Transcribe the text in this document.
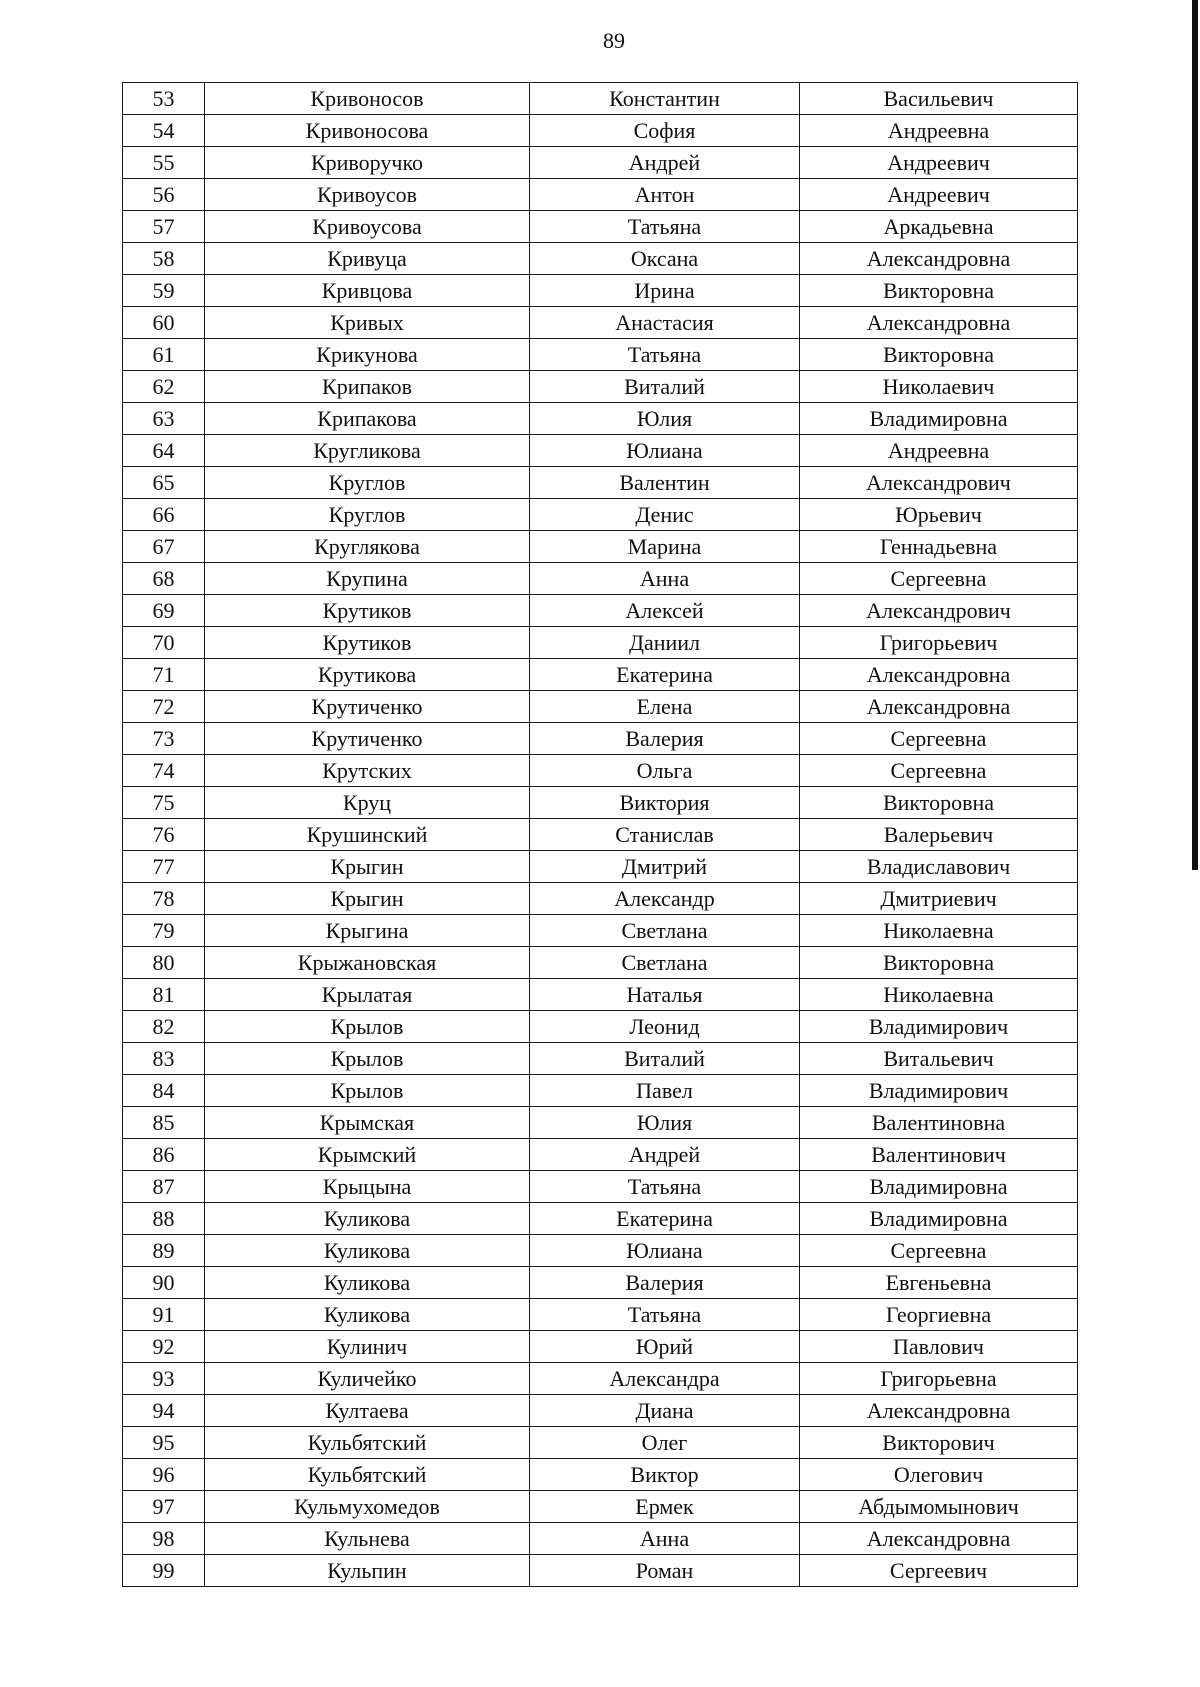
89
53	Кривоносов	Константин	Васильевич
54	Кривоносова	София	Андреевна
55	Криворучко	Андрей	Андреевич
56	Кривоусов	Антон	Андреевич
57	Кривоусова	Татьяна	Аркадьевна
58	Кривуца	Оксана	Александровна
59	Кривцова	Ирина	Викторовна
60	Кривых	Анастасия	Александровна
61	Крикунова	Татьяна	Викторовна
62	Крипаков	Виталий	Николаевич
63	Крипакова	Юлия	Владимировна
64	Кругликова	Юлиана	Андреевна
65	Круглов	Валентин	Александрович
66	Круглов	Денис	Юрьевич
67	Круглякова	Марина	Геннадьевна
68	Крупина	Анна	Сергеевна
69	Крутиков	Алексей	Александрович
70	Крутиков	Даниил	Григорьевич
71	Крутикова	Екатерина	Александровна
72	Крутиченко	Елена	Александровна
73	Крутиченко	Валерия	Сергеевна
74	Крутских	Ольга	Сергеевна
75	Круц	Виктория	Викторовна
76	Крушинский	Станислав	Валерьевич
77	Крыгин	Дмитрий	Владиславович
78	Крыгин	Александр	Дмитриевич
79	Крыгина	Светлана	Николаевна
80	Крыжановская	Светлана	Викторовна
81	Крылатая	Наталья	Николаевна
82	Крылов	Леонид	Владимирович
83	Крылов	Виталий	Витальевич
84	Крылов	Павел	Владимирович
85	Крымская	Юлия	Валентиновна
86	Крымский	Андрей	Валентинович
87	Крыцына	Татьяна	Владимировна
88	Куликова	Екатерина	Владимировна
89	Куликова	Юлиана	Сергеевна
90	Куликова	Валерия	Евгеньевна
91	Куликова	Татьяна	Георгиевна
92	Кулинич	Юрий	Павлович
93	Куличейко	Александра	Григорьевна
94	Култаева	Диана	Александровна
95	Кульбятский	Олег	Викторович
96	Кульбятский	Виктор	Олегович
97	Кульмухомедов	Ермек	Абдымомынович
98	Кульнева	Анна	Александровна
99	Кульпин	Роман	Сергеевич
